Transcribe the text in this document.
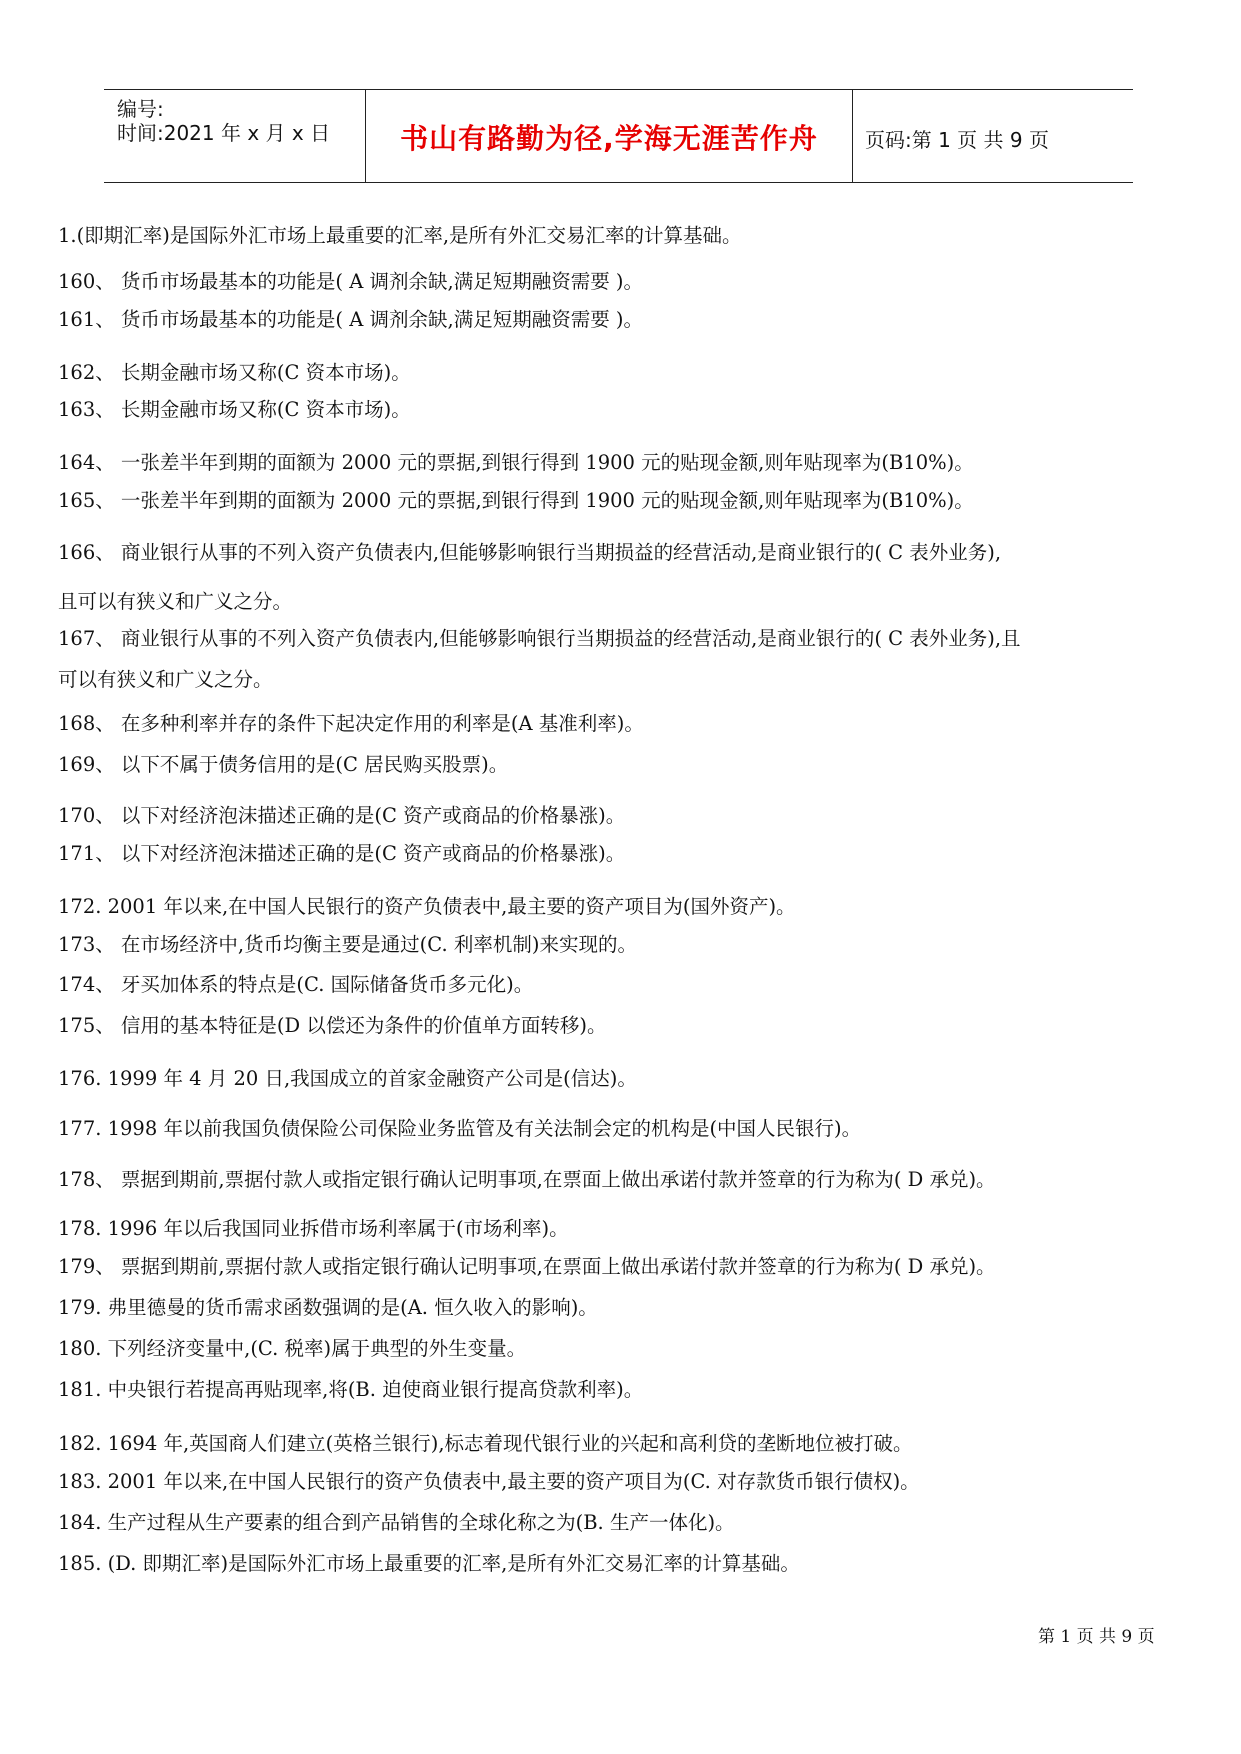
编号:
时间:2021 年 x 月 x 日	书山有路勤为径,学海无涯苦作舟	页码:第 1 页 共 9 页
1.(即期汇率)是国际外汇市场上最重要的汇率,是所有外汇交易汇率的计算基础。
160、 货币市场最基本的功能是( A 调剂余缺,满足短期融资需要 )。
161、 货币市场最基本的功能是( A 调剂余缺,满足短期融资需要 )。
162、 长期金融市场又称(C 资本市场)。
163、 长期金融市场又称(C 资本市场)。
164、 一张差半年到期的面额为 2000 元的票据,到银行得到 1900 元的贴现金额,则年贴现率为(B10%)。
165、 一张差半年到期的面额为 2000 元的票据,到银行得到 1900 元的贴现金额,则年贴现率为(B10%)。
166、 商业银行从事的不列入资产负债表内,但能够影响银行当期损益的经营活动,是商业银行的( C 表外业务),
且可以有狭义和广义之分。
167、 商业银行从事的不列入资产负债表内,但能够影响银行当期损益的经营活动,是商业银行的( C 表外业务),且
可以有狭义和广义之分。
168、 在多种利率并存的条件下起决定作用的利率是(A 基准利率)。
169、 以下不属于债务信用的是(C 居民购买股票)。
170、 以下对经济泡沫描述正确的是(C 资产或商品的价格暴涨)。
171、 以下对经济泡沫描述正确的是(C 资产或商品的价格暴涨)。
172. 2001 年以来,在中国人民银行的资产负债表中,最主要的资产项目为(国外资产)。
173、 在市场经济中,货币均衡主要是通过(C. 利率机制)来实现的。
174、 牙买加体系的特点是(C. 国际储备货币多元化)。
175、 信用的基本特征是(D 以偿还为条件的价值单方面转移)。
176. 1999 年 4 月 20 日,我国成立的首家金融资产公司是(信达)。
177. 1998 年以前我国负债保险公司保险业务监管及有关法制会定的机构是(中国人民银行)。
178、 票据到期前,票据付款人或指定银行确认记明事项,在票面上做出承诺付款并签章的行为称为( D 承兑)。
178. 1996 年以后我国同业拆借市场利率属于(市场利率)。
179、 票据到期前,票据付款人或指定银行确认记明事项,在票面上做出承诺付款并签章的行为称为( D 承兑)。
179. 弗里德曼的货币需求函数强调的是(A. 恒久收入的影响)。
180. 下列经济变量中,(C. 税率)属于典型的外生变量。
181. 中央银行若提高再贴现率,将(B. 迫使商业银行提高贷款利率)。
182. 1694 年,英国商人们建立(英格兰银行),标志着现代银行业的兴起和高利贷的垄断地位被打破。
183. 2001 年以来,在中国人民银行的资产负债表中,最主要的资产项目为(C. 对存款货币银行债权)。
184. 生产过程从生产要素的组合到产品销售的全球化称之为(B. 生产一体化)。
185. (D. 即期汇率)是国际外汇市场上最重要的汇率,是所有外汇交易汇率的计算基础。
第 1 页 共 9 页
